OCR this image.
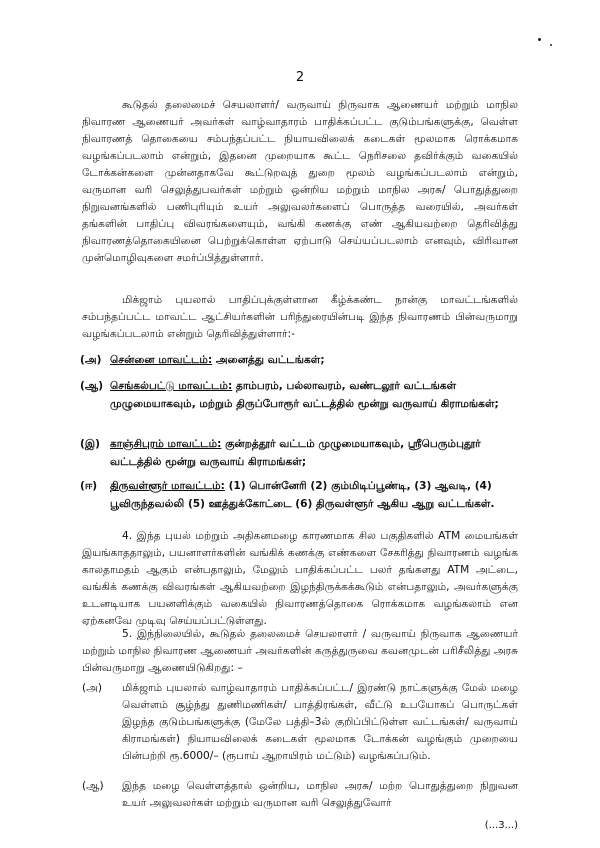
2

கூடுதல் தலைமைச் செயலாளர்/ வருவாய் நிருவாக ஆணையர் மற்றும் மாநில நிவாரண ஆணையர் அவர்கள் வாழ்வாதாரம் பாதிக்கப்பட்ட குடும்பங்களுக்கு, வெள்ள நிவாரணத் தொகையை சம்பந்தப்பட்ட நியாயவிலைக் கடைகள் மூலமாக ரொக்கமாக வழங்கப்படலாம் என்றும், இதனை முறையாக கூட்ட நெரிசலை தவிர்க்கும் வகையில் டோக்கன்களை முன்னதாகவே கூட்டுறவுத் துறை மூலம் வழங்கப்படலாம் என்றும், வருமான வரி செலுத்துபவர்கள் மற்றும் ஒன்றிய மற்றும் மாநில அரசு/ பொதுத்துறை நிறுவனங்களில் பணிபுரியும் உயர் அலுவலர்களைப் பொருத்த வரையில், அவர்கள் தங்களின் பாதிப்பு விவரங்களையும், வங்கி கணக்கு எண் ஆகியவற்றை தெரிவித்து நிவாரணத்தொகையினை பெற்றுக்கொள்ள ஏற்பாடு செய்யப்படலாம் எனவும், விரிவான முன்மொழிவுகளை சமர்ப்பித்துள்ளார்.

மிக்ஜாம் புயலால் பாதிப்புக்குள்ளான கீழ்க்கண்ட நான்கு மாவட்டங்களில் சம்பந்தப்பட்ட மாவட்ட ஆட்சியர்களின் பரிந்துரையின்படி இந்த நிவாரணம் பின்வருமாறு வழங்கப்படலாம் என்றும் தெரிவித்துள்ளார்:-

(அ) சென்னை மாவட்டம்: அனைத்து வட்டங்கள்;
(ஆ) செங்கல்பட்டு மாவட்டம்: தாம்பரம், பல்லாவரம், வண்டலூர் வட்டங்கள் முழுமையாகவும், மற்றும் திருப்போரூர் வட்டத்தில் மூன்று வருவாய் கிராமங்கள்;
(இ) காஞ்சிபுரம் மாவட்டம்: குன்றத்தூர் வட்டம் முழுமையாகவும், ஸ்ரீபெரும்புதூர் வட்டத்தில் மூன்று வருவாய் கிராமங்கள்;
(ஈ) திருவள்ளூர் மாவட்டம்: (1) பொன்னேரி (2) கும்மிடிப்பூண்டி, (3) ஆவடி, (4) பூவிருந்தவல்லி (5) ஊத்துக்கோட்டை (6) திருவள்ளூர் ஆகிய ஆறு வட்டங்கள்.

4. இந்த புயல் மற்றும் அதிகனமழை காரணமாக சில பகுதிகளில் ATM மையங்கள் இயங்காததாலும், பயனாளர்களின் வங்கிக் கணக்கு எண்களை சேகரித்து நிவாரணம் வழங்க காலதாமதம் ஆகும் என்பதாலும், மேலும் பாதிக்கப்பட்ட பலர் தங்களது ATM அட்டை, வங்கிக் கணக்கு விவரங்கள் ஆகியவற்றை இழந்திருக்கக்கூடும் என்பதாலும், அவர்களுக்கு உடனடியாக பயனளிக்கும் வகையில் நிவாரணத்தொகை ரொக்கமாக வழங்கலாம் என ஏற்கனவே முடிவு செய்யப்பட்டுள்ளது.

5. இந்நிலையில், கூடுதல் தலைமைச் செயலாளர் / வருவாய் நிருவாக ஆணையர் மற்றும் மாநில நிவாரண ஆணையர் அவர்களின் கருத்துருவை கவனமுடன் பரிசீலித்து அரசு பின்வருமாறு ஆணையிடுகிறது: –

(அ)	மிக்ஜாம் புயலால் வாழ்வாதாரம் பாதிக்கப்பட்ட/ இரண்டு நாட்களுக்கு மேல் மழை வெள்ளம் சூழ்ந்து துணிமணிகள்/ பாத்திரங்கள், வீட்டு உபயோகப் பொருட்கள் இழந்த குடும்பங்களுக்கு (மேலே பத்தி–3ல் குறிப்பிட்டுள்ள வட்டங்கள்/ வருவாய் கிராமங்கள்) நியாயவிலைக் கடைகள் மூலமாக டோக்கன் வழங்கும் முறையை பின்பற்றி ரூ.6000/– (ரூபாய் ஆறாயிரம் மட்டும்) வழங்கப்படும்.
(ஆ)	இந்த மழை வெள்ளத்தால் ஒன்றிய, மாநில அரசு/ மற்ற பொதுத்துறை நிறுவன உயர் அலுவலர்கள் மற்றும் வருமான வரி செலுத்துவோர்
(...3...)
